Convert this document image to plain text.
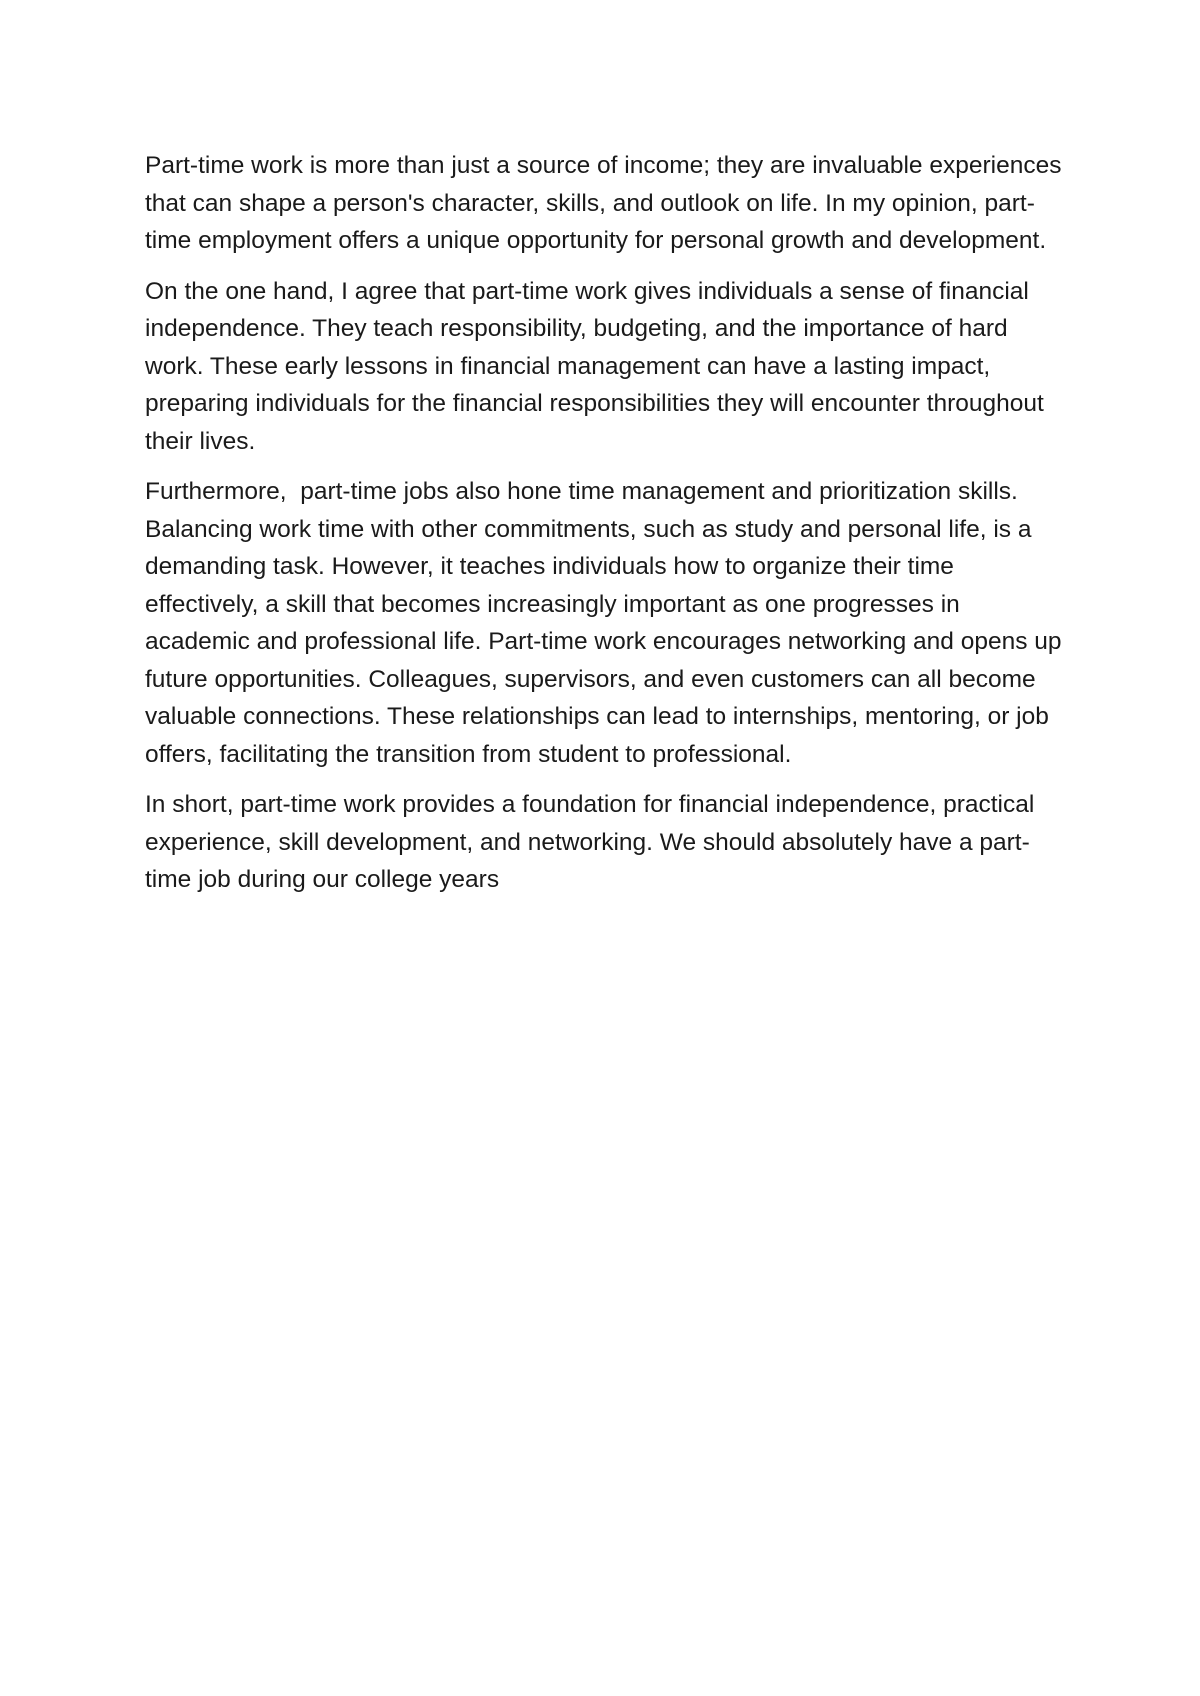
Part-time work is more than just a source of income; they are invaluable experiences that can shape a person's character, skills, and outlook on life. In my opinion, part-time employment offers a unique opportunity for personal growth and development.

On the one hand, I agree that part-time work gives individuals a sense of financial independence. They teach responsibility, budgeting, and the importance of hard work. These early lessons in financial management can have a lasting impact, preparing individuals for the financial responsibilities they will encounter throughout their lives.

Furthermore,  part-time jobs also hone time management and prioritization skills. Balancing work time with other commitments, such as study and personal life, is a demanding task. However, it teaches individuals how to organize their time effectively, a skill that becomes increasingly important as one progresses in academic and professional life. Part-time work encourages networking and opens up future opportunities. Colleagues, supervisors, and even customers can all become valuable connections. These relationships can lead to internships, mentoring, or job offers, facilitating the transition from student to professional.

In short, part-time work provides a foundation for financial independence, practical experience, skill development, and networking. We should absolutely have a part-time job during our college years
